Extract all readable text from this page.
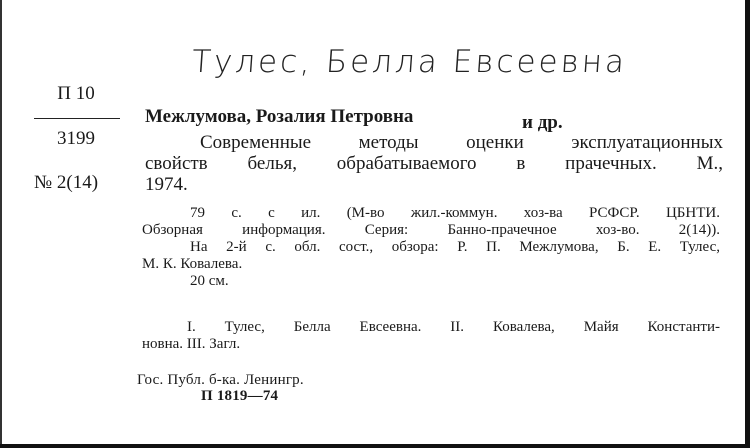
Тулес, Белла Евсеевна
П 10
3199
№ 2(14)
Межлумова, Розалия Петровна	и др.
Современные методы оценки эксплуатационных
свойств белья, обрабатываемого в прачечных. М.,
1974.
79 с. с ил. (М-во жил.-коммун. хоз-ва РСФСР. ЦБНТИ.
Обзорная информация. Серия: Банно-прачечное хоз-во. 2(14)).
На 2-й с. обл. сост., обзора: Р. П. Межлумова, Б. Е. Тулес,
М. К. Ковалева.
20 см.
I. Тулес, Белла Евсеевна. II. Ковалева, Майя Константи-
новна. III. Загл.
Гос. Публ. б-ка. Ленингр.
П 1819—74
